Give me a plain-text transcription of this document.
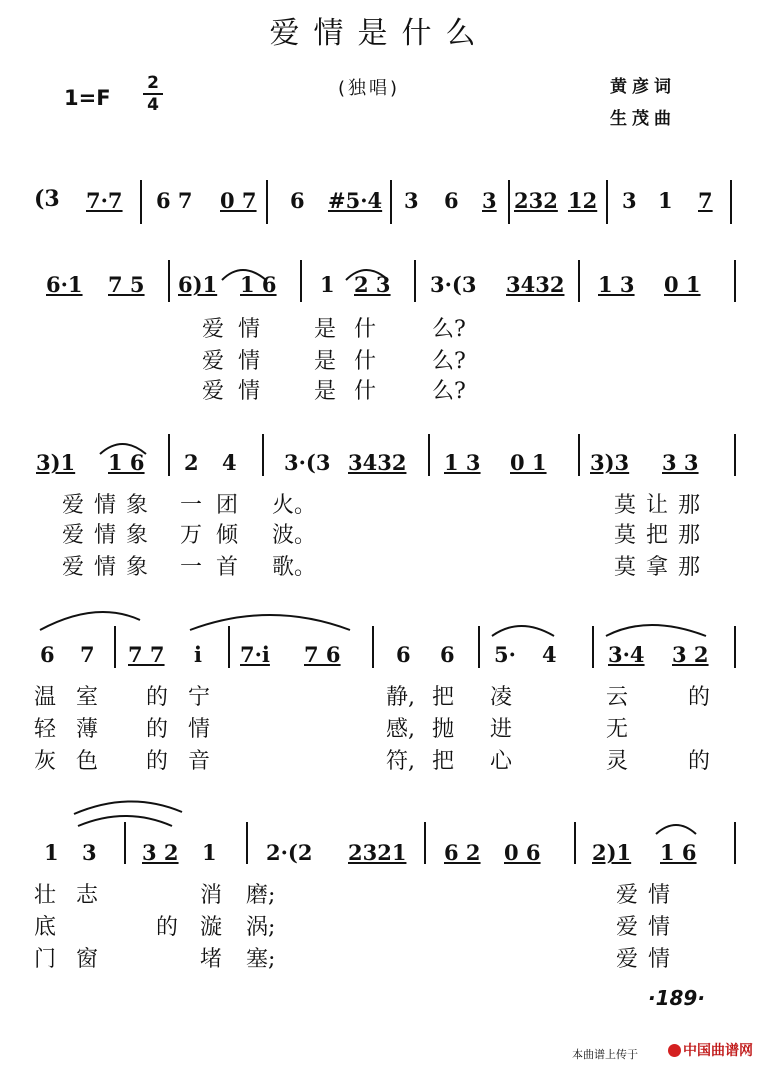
爱情是什么
1=F
2
4
(独唱)	黄彦词
生茂曲
(3 7·7 6 7 0 7 6 #5·4 3 6 3 232 12 3 1 7
6·1 7 5 6)1 1 6 1 2 3 3·(3 3432 1 3 0 1
爱 情 是 什	么?
爱 情 是 什	么?
爱 情 是 什	么?
3)1 1 6 2 4 3·(3 3432 1 3 0 1 3)3 3 3
爱 情 象 一 团 火。	莫 让 那
爱 情 象 万 倾 波。	莫 把 那
爱 情 象 一 首 歌。	莫 拿 那
6 7 7 7 i 7·i 7 6	6 6 5· 4 3·4 3 2
温 室 的 宁	静, 把 凌	云	的
轻 薄 的 情	感, 抛 进	无
灰 色 的 音	符, 把 心	灵	的
1 3 3 2 1 2·(2 2321 6 2 0 6 2)1 1 6
壮 志	消 磨;	爱 情
底	的 漩 涡;	爱 情
门 窗	堵 塞;	爱 情
·189·
本曲谱上传于	中国曲谱网
